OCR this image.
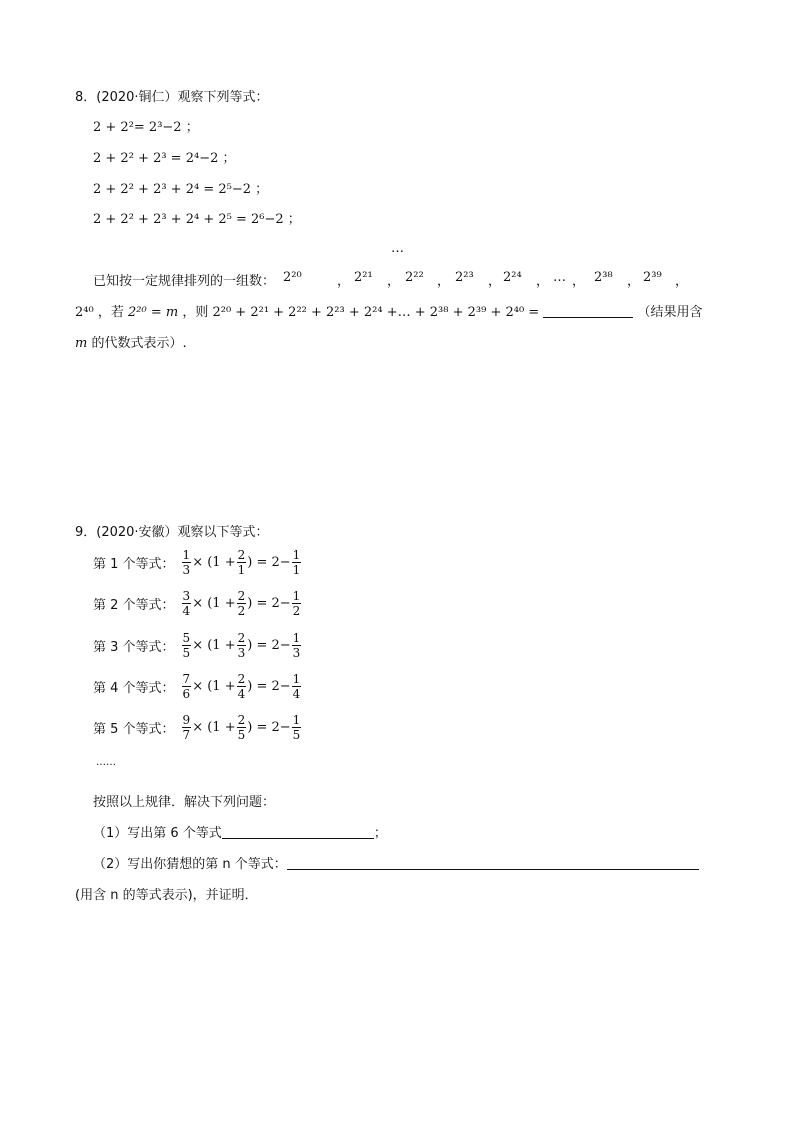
8．(2020·铜仁）观察下列等式：
2 + 2²= 2³−2 ；
2 + 2² + 2³ = 2⁴−2 ；
2 + 2² + 2³ + 2⁴ = 2⁵−2 ；
2 + 2² + 2³ + 2⁴ + 2⁵ = 2⁶−2 ；
…
已知按一定规律排列的一组数： 2²⁰	， 2²¹ ， 2²² ， 2²³ ， 2²⁴ ， … ， 2³⁸ ， 2³⁹ ，
2⁴⁰ ，若 2²⁰ = m ，则 2²⁰ + 2²¹ + 2²² + 2²³ + 2²⁴ +… + 2³⁸ + 2³⁹ + 2⁴⁰ =	（结果用含
m 的代数式表示）.
9．(2020·安徽）观察以下等式：
第 1 个等式： $\frac{1}{3} \times (1 + \frac{2}{1}$ ) = $2- \frac{1}{1}$
第 2 个等式： $\frac{3}{4} \times (1 + \frac{2}{2}$ ) = $2- \frac{1}{2}$
第 3 个等式： $\frac{5}{5} \times (1 + \frac{2}{3}$ ) = $2- \frac{1}{3}$
第 4 个等式： $\frac{7}{6} \times (1 + \frac{2}{4}$ ) = $2- \frac{1}{4}$
第 5 个等式： $\frac{9}{7} \times (1 + \frac{2}{5}$ ) = $2- \frac{1}{5}$
……
按照以上规律．解决下列问题：
（1）写出第 6 个等式	；
（2）写出你猜想的第 n 个等式：
(用含 n 的等式表示)，并证明．
